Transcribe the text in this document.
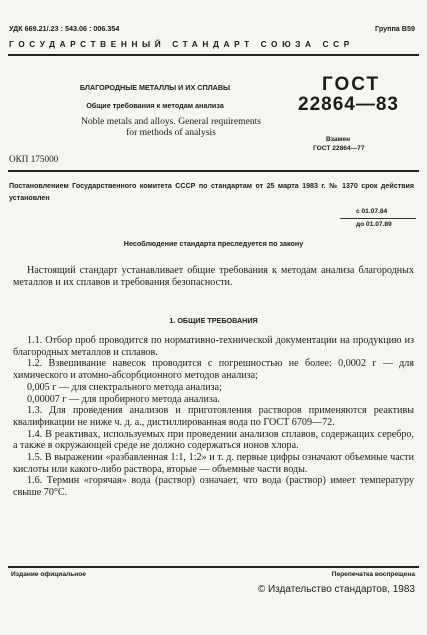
УДК 669.21/.23 : 543.06 : 006.354	Группа В59
ГОСУДАРСТВЕННЫЙ СТАНДАРТ СОЮЗА ССР
БЛАГОРОДНЫЕ МЕТАЛЛЫ И ИХ СПЛАВЫ
Общие требования к методам анализа
Noble metals and alloys. General requirements for methods of analysis
ГОСТ
22864—83
Взамен
ГОСТ 22864—77
ОКП 175000
Постановлением Государственного комитета СССР по стандартам от 25 марта 1983 г. № 1370 срок действия установлен
с 01.07.84
до 01.07.89
Несоблюдение стандарта преследуется по закону

Настоящий стандарт устанавливает общие требования к методам анализа благородных металлов и их сплавов и требования безопасности.

1. ОБЩИЕ ТРЕБОВАНИЯ

1.1. Отбор проб проводится по нормативно-технической документации на продукцию из благородных металлов и сплавов.

1.2. Взвешивание навесок проводится с погрешностью не более: 0,0002 г — для химического и атомно-абсорбционного методов анализа;

0,005 г — для спектрального метода анализа;

0,00007 г — для пробирного метода анализа.

1.3. Для проведения анализов и приготовления растворов применяются реактивы квалификации не ниже ч. д. а., дистиллированная вода по ГОСТ 6709—72.

1.4. В реактивах, используемых при проведении анализов сплавов, содержащих серебро, а также в окружающей среде не должно содержаться ионов хлора.

1.5. В выражении «разбавленная 1:1, 1:2» и т. д. первые цифры означают объемные части кислоты или какого-либо раствора, вторые — объемные части воды.

1.6. Термин «горячая» вода (раствор) означает, что вода (раствор) имеет температуру свыше 70°С.

Издание официальное	Перепечатка воспрещена
© Издательство стандартов, 1983
